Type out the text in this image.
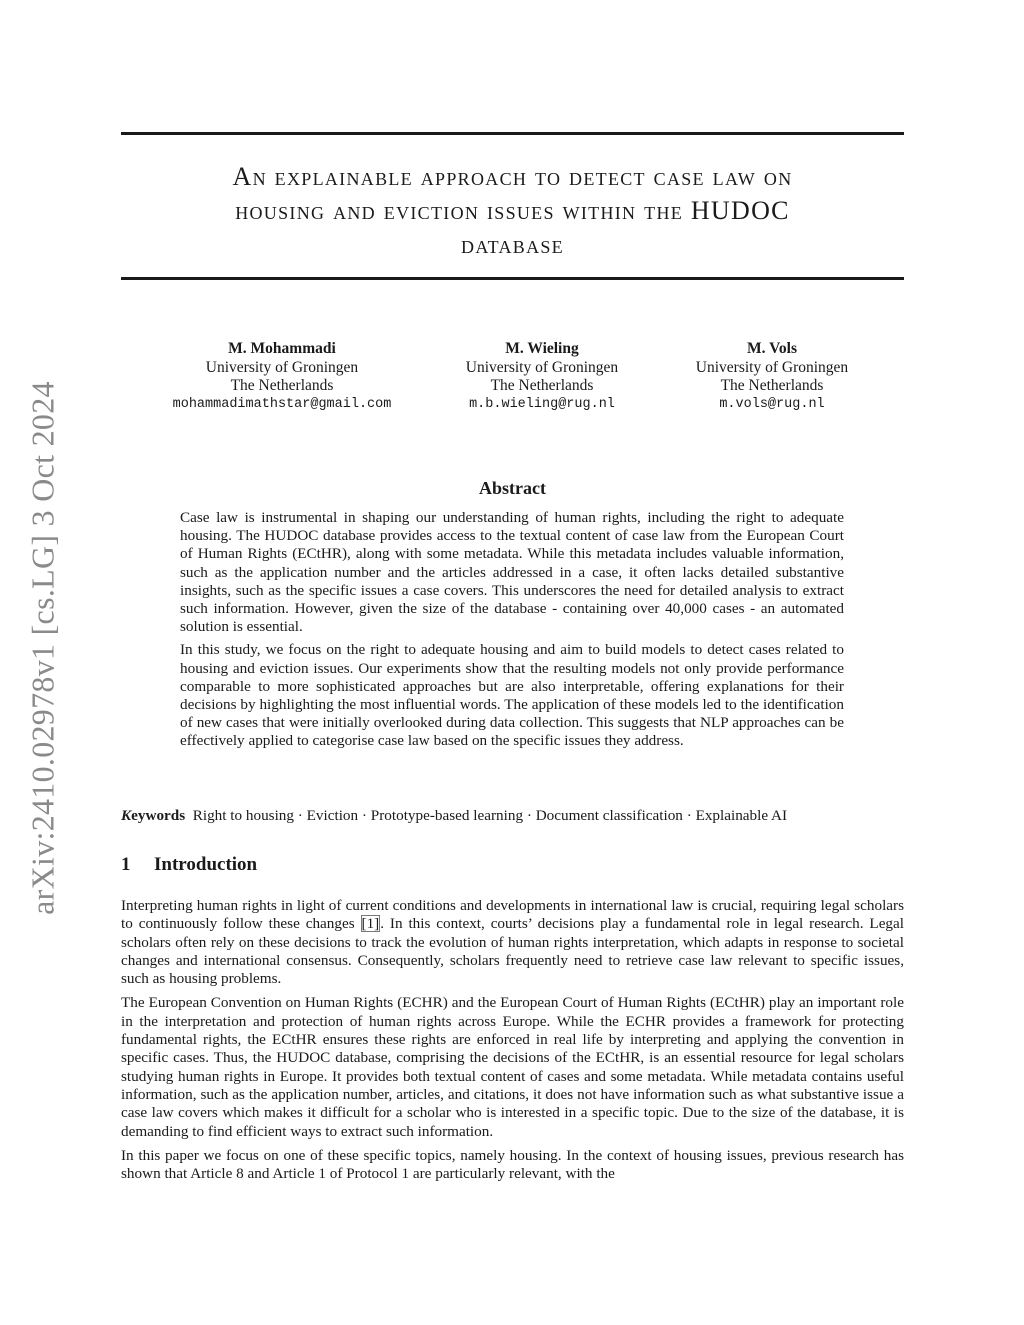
arXiv:2410.02978v1 [cs.LG] 3 Oct 2024
An explainable approach to detect case law on
housing and eviction issues within the HUDOC
database
M. Mohammadi
University of Groningen
The Netherlands
mohammadimathstar@gmail.com
M. Wieling
University of Groningen
The Netherlands
m.b.wieling@rug.nl
M. Vols
University of Groningen
The Netherlands
m.vols@rug.nl
Abstract

Case law is instrumental in shaping our understanding of human rights, including the right to adequate housing. The HUDOC database provides access to the textual content of case law from the European Court of Human Rights (ECtHR), along with some metadata. While this metadata includes valuable information, such as the application number and the articles addressed in a case, it often lacks detailed substantive insights, such as the specific issues a case covers. This underscores the need for detailed analysis to extract such information. However, given the size of the database - containing over 40,000 cases - an automated solution is essential.

In this study, we focus on the right to adequate housing and aim to build models to detect cases related to housing and eviction issues. Our experiments show that the resulting models not only provide performance comparable to more sophisticated approaches but are also interpretable, offering explanations for their decisions by highlighting the most influential words. The application of these models led to the identification of new cases that were initially overlooked during data collection. This suggests that NLP approaches can be effectively applied to categorise case law based on the specific issues they address.

Keywords Right to housing · Eviction · Prototype-based learning · Document classification · Explainable AI
1 Introduction

Interpreting human rights in light of current conditions and developments in international law is crucial, requiring legal scholars to continuously follow these changes [1]. In this context, courts’ decisions play a fundamental role in legal research. Legal scholars often rely on these decisions to track the evolution of human rights interpretation, which adapts in response to societal changes and international consensus. Consequently, scholars frequently need to retrieve case law relevant to specific issues, such as housing problems.

The European Convention on Human Rights (ECHR) and the European Court of Human Rights (ECtHR) play an important role in the interpretation and protection of human rights across Europe. While the ECHR provides a framework for protecting fundamental rights, the ECtHR ensures these rights are enforced in real life by interpreting and applying the convention in specific cases. Thus, the HUDOC database, comprising the decisions of the ECtHR, is an essential resource for legal scholars studying human rights in Europe. It provides both textual content of cases and some metadata. While metadata contains useful information, such as the application number, articles, and citations, it does not have information such as what substantive issue a case law covers which makes it difficult for a scholar who is interested in a specific topic. Due to the size of the database, it is demanding to find efficient ways to extract such information.

In this paper we focus on one of these specific topics, namely housing. In the context of housing issues, previous research has shown that Article 8 and Article 1 of Protocol 1 are particularly relevant, with the
